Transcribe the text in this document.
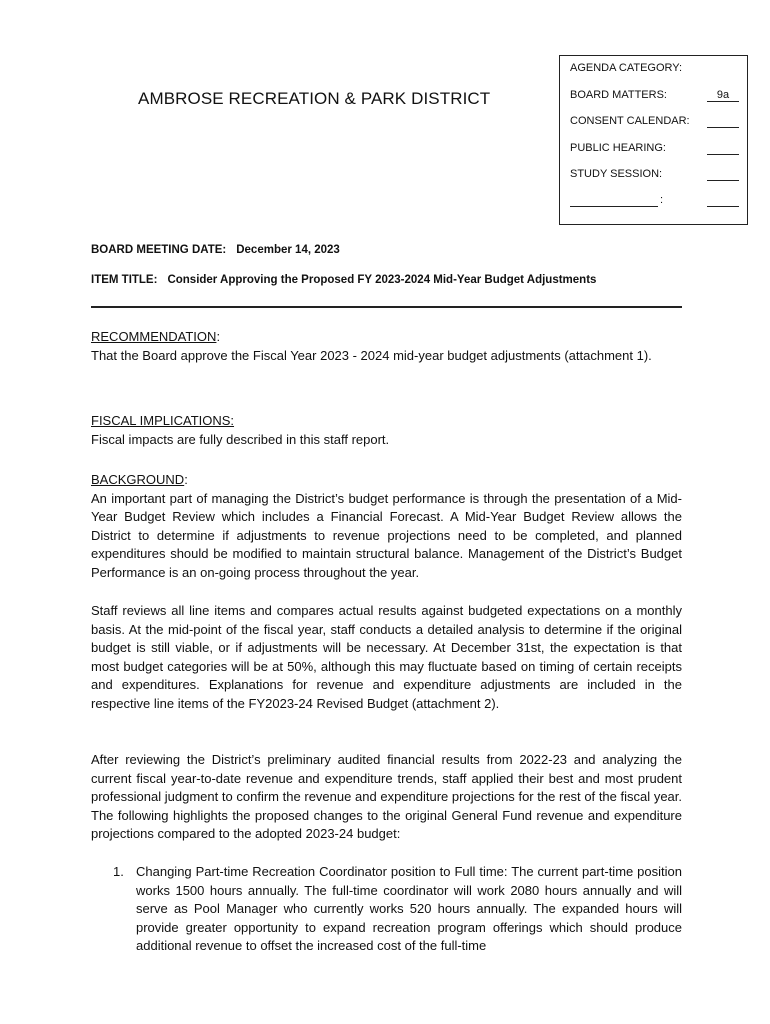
AMBROSE RECREATION & PARK DISTRICT
AGENDA CATEGORY:
BOARD MATTERS:	9a
CONSENT CALENDAR:
PUBLIC HEARING:
STUDY SESSION:
:
BOARD MEETING DATE: December 14, 2023
ITEM TITLE: Consider Approving the Proposed FY 2023-2024 Mid-Year Budget Adjustments
RECOMMENDATION:

That the Board approve the Fiscal Year 2023 - 2024 mid-year budget adjustments (attachment 1).

FISCAL IMPLICATIONS:

Fiscal impacts are fully described in this staff report.

BACKGROUND:

An important part of managing the District’s budget performance is through the presentation of a Mid-Year Budget Review which includes a Financial Forecast. A Mid-Year Budget Review allows the District to determine if adjustments to revenue projections need to be completed, and planned expenditures should be modified to maintain structural balance. Management of the District’s Budget Performance is an on-going process throughout the year.

Staff reviews all line items and compares actual results against budgeted expectations on a monthly basis. At the mid-point of the fiscal year, staff conducts a detailed analysis to determine if the original budget is still viable, or if adjustments will be necessary. At December 31st, the expectation is that most budget categories will be at 50%, although this may fluctuate based on timing of certain receipts and expenditures. Explanations for revenue and expenditure adjustments are included in the respective line items of the FY2023-24 Revised Budget (attachment 2).

After reviewing the District’s preliminary audited financial results from 2022-23 and analyzing the current fiscal year-to-date revenue and expenditure trends, staff applied their best and most prudent professional judgment to confirm the revenue and expenditure projections for the rest of the fiscal year. The following highlights the proposed changes to the original General Fund revenue and expenditure projections compared to the adopted 2023-24 budget:

1. Changing Part-time Recreation Coordinator position to Full time: The current part-time position works 1500 hours annually. The full-time coordinator will work 2080 hours annually and will serve as Pool Manager who currently works 520 hours annually. The expanded hours will provide greater opportunity to expand recreation program offerings which should produce additional revenue to offset the increased cost of the full-time
